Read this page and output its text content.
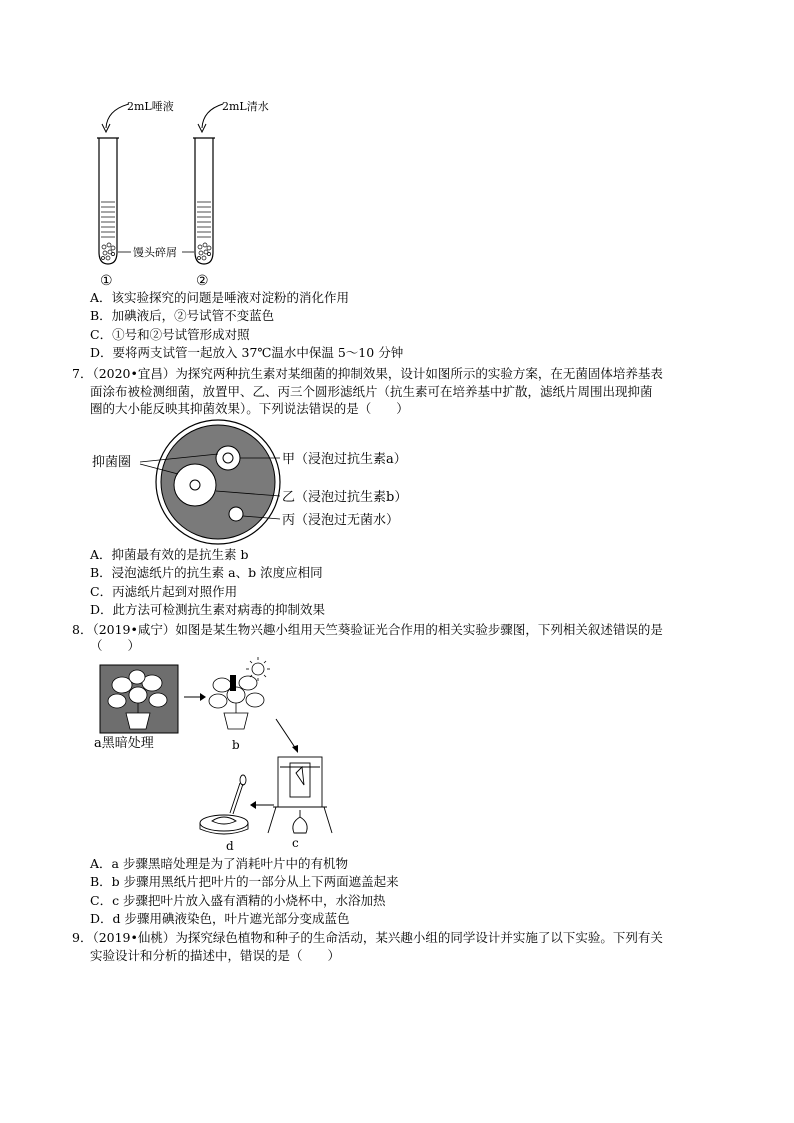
2mL唾液	2mL清水
馒头碎屑
①	②
A．该实验探究的问题是唾液对淀粉的消化作用
B．加碘液后，②号试管不变蓝色
C．①号和②号试管形成对照
D．要将两支试管一起放入 37℃温水中保温 5～10 分钟
7．（2020•宜昌）为探究两种抗生素对某细菌的抑制效果，设计如图所示的实验方案，在无菌固体培养基表
面涂布被检测细菌，放置甲、乙、丙三个圆形滤纸片（抗生素可在培养基中扩散，滤纸片周围出现抑菌
圈的大小能反映其抑菌效果）。下列说法错误的是（　　）
抑菌圈	甲（浸泡过抗生素a）
乙（浸泡过抗生素b）
丙（浸泡过无菌水）
A．抑菌最有效的是抗生素 b
B．浸泡滤纸片的抗生素 a、b 浓度应相同
C．丙滤纸片起到对照作用
D．此方法可检测抗生素对病毒的抑制效果
8．（2019•咸宁）如图是某生物兴趣小组用天竺葵验证光合作用的相关实验步骤图，下列相关叙述错误的是
（　　）
a黑暗处理	b
c
d
A．a 步骤黑暗处理是为了消耗叶片中的有机物
B．b 步骤用黑纸片把叶片的一部分从上下两面遮盖起来
C．c 步骤把叶片放入盛有酒精的小烧杯中，水浴加热
D．d 步骤用碘液染色，叶片遮光部分变成蓝色
9．（2019•仙桃）为探究绿色植物和种子的生命活动，某兴趣小组的同学设计并实施了以下实验。下列有关
实验设计和分析的描述中，错误的是（　　）
